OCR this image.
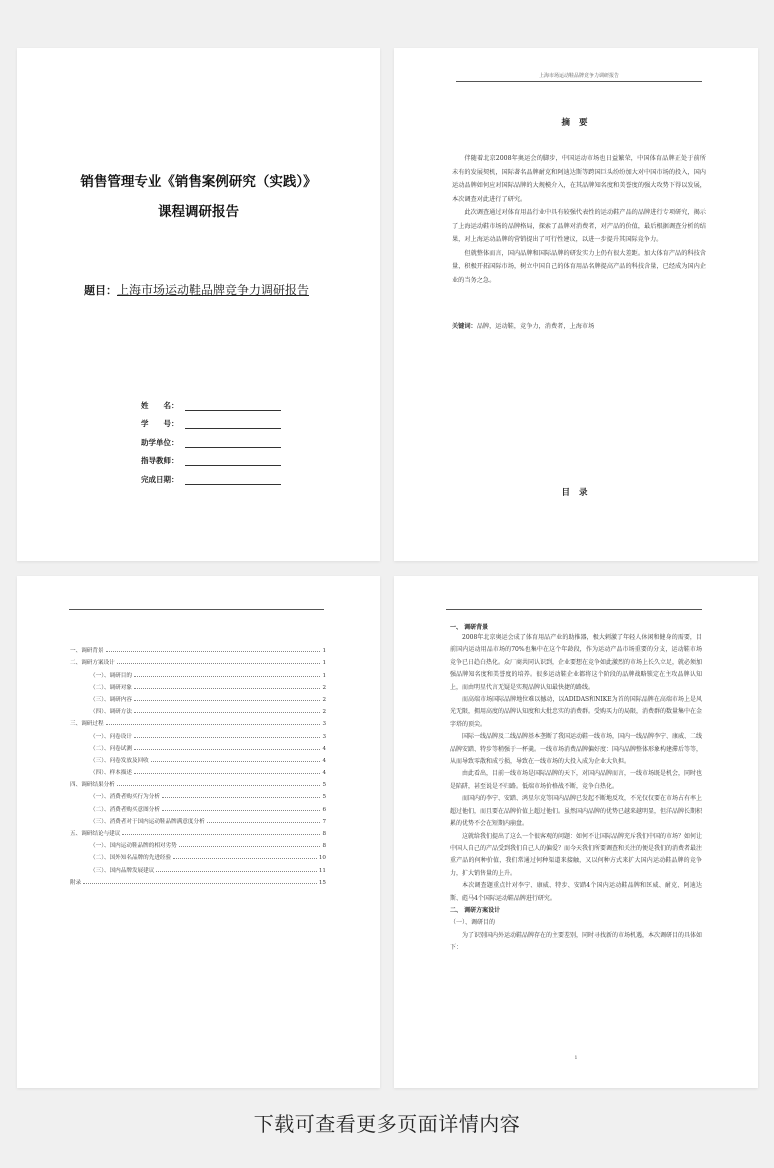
销售管理专业《销售案例研究（实践）》
课程调研报告
题目：上海市场运动鞋品牌竞争力调研报告
姓　　名：
学　　号：
助学单位：
指导教师：
完成日期：
上海市场运动鞋品牌竞争力调研报告
摘 要

伴随着北京2008年奥运会的脚步，中国运动市场也日益繁荣，中国体育品牌正处于前所未有的发展契机，国际著名品牌耐克和阿迪达斯等跨国巨头纷纷加大对中国市场的投入，国内运动品牌如何应对国际品牌的大规模介入，在其品牌知名度和美誉度的强大攻势下得以发展，本次调查对此进行了研究。

此次调查通过对体育用品行业中具有较强代表性的运动鞋产品的品牌进行专项研究，揭示了上海运动鞋市场的品牌格局，探索了品牌对消费者，对产品的价值，最后根据调查分析的结果，对上海运动品牌的营销提出了可行性建议，以进一步提升其国际竞争力。

但就整体而言，国内品牌和国际品牌的研发实力上仍有很大差距。加大体育产品的科技含量，积极开拓国际市场，树立中国自己的体育用品名牌提高产品的科技含量，已经成为国内企业的当务之急。

关键词：品牌，运动鞋，竞争力，消费者，上海市场
目 录
一、调研背景	1
二、调研方案设计	1
（一）、调研目的	1
（二）、调研对象	2
（三）、调研内容	2
（四）、调研方法	2
三、调研过程	3
（一）、问卷设计	3
（二）、问卷试测	4
（三）、问卷发放及回收	4
（四）、样本描述	4
四、调研结果分析	5
（一）、消费者购买行为分析	5
（二）、消费者购买意图分析	6
（三）、消费者对于国内运动鞋品牌满意度分析	7
五、调研结论与建议	8
（一）、国内运动鞋品牌的相对劣势	8
（二）、国外知名品牌的先进经验	10
（三）、国内品牌发展建议	11
附录	15
一、 调研背景

2008年北京奥运会成了体育用品产业的助推器，极大刺激了年轻人休闲和健身的需要，目前国内运动用品市场的70%也集中在这个年龄段，作为运动产品市场重要的分支，运动鞋市场竞争已日趋白热化。众厂商共同认识到，企业要想在竞争如此激烈的市场上长久立足，就必须加强品牌知名度和美誉度的培养。很多运动鞋企业都将这个阶段的品牌战略锁定在主攻品牌认知上，而由明星代言无疑是实现品牌认知最快捷的路线。

而高端市场国际品牌地位难以撼动，以ADIDAS和NIKE为首的国际品牌在高端市场上是风光无限，拥用高度的品牌认知度和大批忠实的消费群。受购买力的局限，消费群的数量集中在金字塔的顶尖。

国际一线品牌及二线品牌基本垄断了我国运动鞋一线市场，国内一线品牌李宁、康威、二线品牌安踏、特步等稍强于一杯羹。一线市场消费品牌偏好度：国内品牌整体形象构建滞后等等，从而导致零散和成亏损，导致在一线市场的大投入成为企业大负担。

由此看出，目前一线市场是国际品牌的天下，对国内品牌而言，一线市场既是机会，同时也是陷阱，甚至说是不归路。低端市场价格战不断，竞争白热化。

而国内的李宁、安踏、鸿星尔克等国内品牌已发起不断地反攻，不光仅仅要在市场占有率上超过他们，而且要在品牌价值上超过他们。虽然国内品牌的优势已越来越明显，但洋品牌长期积累的优势不会在短期内崩盘。

这就给我们提出了这么一个很客观的问题：如何不让国际品牌充斥我们中国的市场？如何让中国人自己的产品受到我们自己人的偏爱？而今天我们所要调查和关注的便是我们的消费者最注重产品的何种价值，我们常通过何种渠道来接触，又以何种方式来扩大国内运动鞋品牌的竞争力，扩大销售量的上升。

本次调查题重点针对李宁、康威、特步、安踏4个国内运动鞋品牌和匡威、耐克、阿迪达斯、彪马4个国际运动鞋品牌进行研究。

二、 调研方案设计
（一）、调研目的

为了识别国内外运动鞋品牌存在的主要差别，同时寻找新的市场机遇，本次调研目的具体如下：

1
下载可查看更多页面详情内容
